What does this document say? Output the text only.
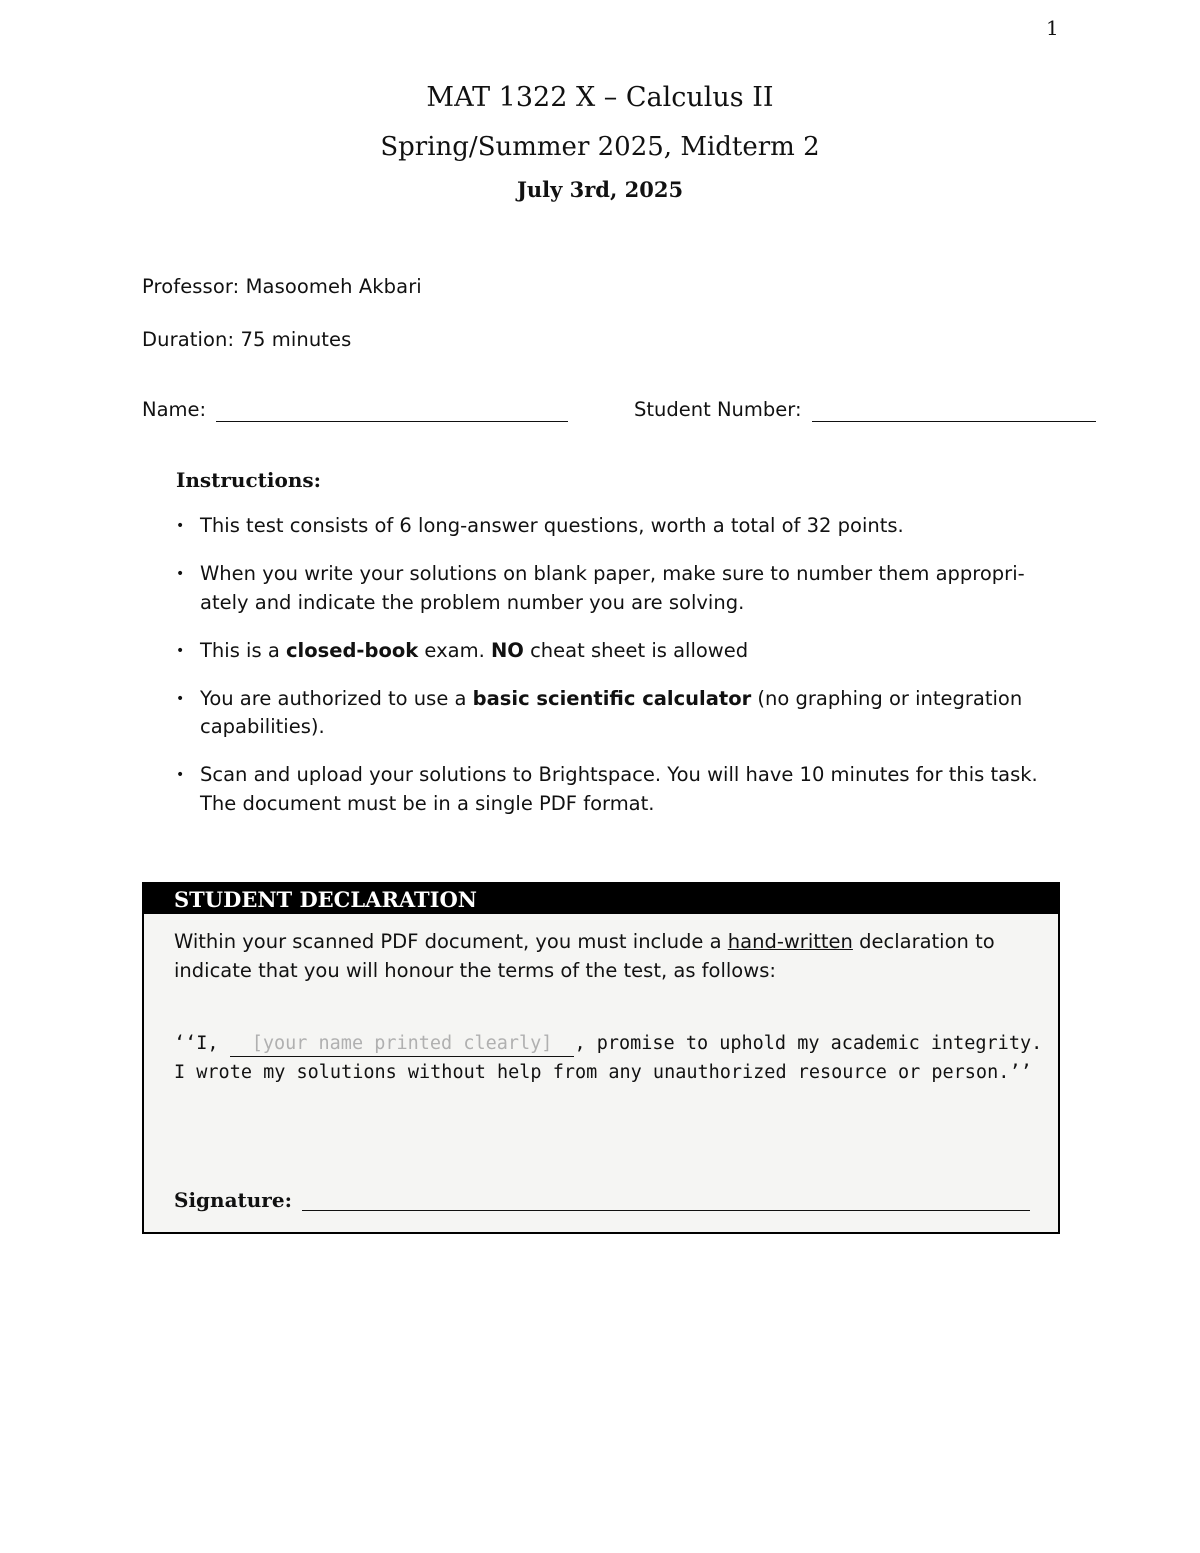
1
MAT 1322 X – Calculus II
Spring/Summer 2025, Midterm 2
July 3rd, 2025
Professor: Masoomeh Akbari
Duration: 75 minutes
Name:	Student Number:
Instructions:
• This test consists of 6 long-answer questions, worth a total of 32 points.
• When you write your solutions on blank paper, make sure to number them appropri- ately and indicate the problem number you are solving.
• This is a closed-book exam. NO cheat sheet is allowed
• You are authorized to use a basic scientific calculator (no graphing or integration capabilities).
• Scan and upload your solutions to Brightspace. You will have 10 minutes for this task. The document must be in a single PDF format.
STUDENT DECLARATION
Within your scanned PDF document, you must include a hand-written declaration to indicate that you will honour the terms of the test, as follows:
‘‘I, [your name printed clearly] , promise to uphold my academic integrity.
I wrote my solutions without help from any unauthorized resource or person.’’
Signature:
